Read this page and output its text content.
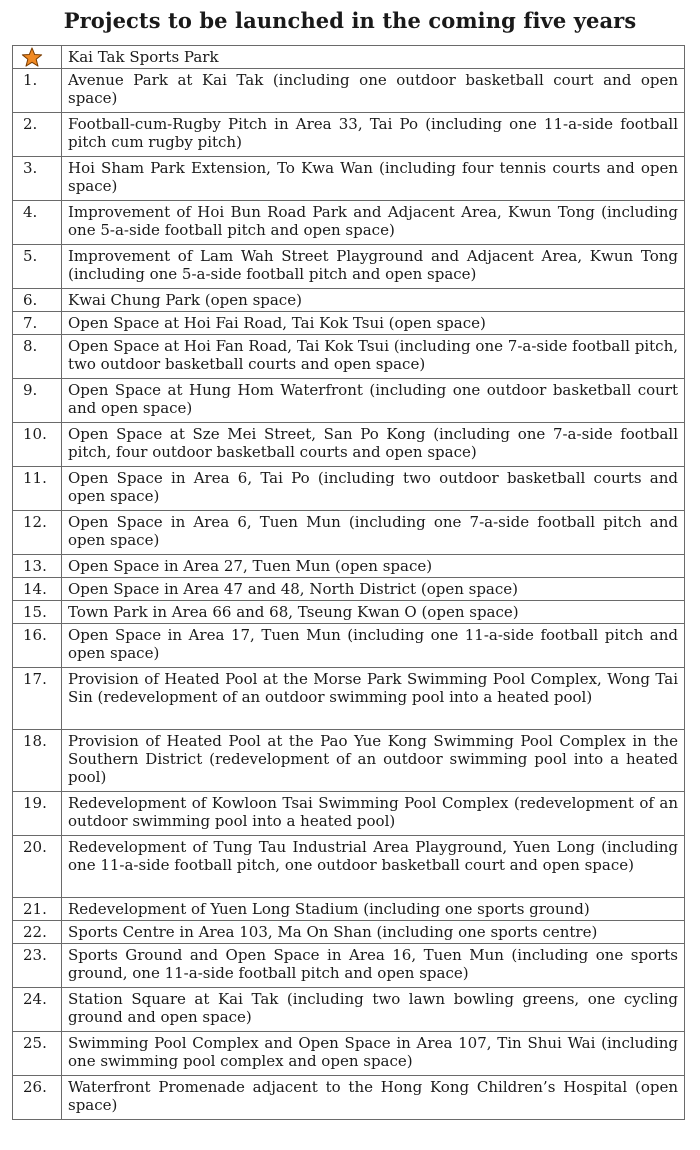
Projects to be launched in the coming five years
	Kai Tak Sports Park
1.	Avenue Park at Kai Tak (including one outdoor basketball court and open space)
2.	Football-cum-Rugby Pitch in Area 33, Tai Po (including one 11-a-side football pitch cum rugby pitch)
3.	Hoi Sham Park Extension, To Kwa Wan (including four tennis courts and open space)
4.	Improvement of Hoi Bun Road Park and Adjacent Area, Kwun Tong (including one 5-a-side football pitch and open space)
5.	Improvement of Lam Wah Street Playground and Adjacent Area, Kwun Tong (including one 5-a-side football pitch and open space)
6.	Kwai Chung Park (open space)
7.	Open Space at Hoi Fai Road, Tai Kok Tsui (open space)
8.	Open Space at Hoi Fan Road, Tai Kok Tsui (including one 7-a-side football pitch, two outdoor basketball courts and open space)
9.	Open Space at Hung Hom Waterfront (including one outdoor basketball court and open space)
10.	Open Space at Sze Mei Street, San Po Kong (including one 7-a-side football pitch, four outdoor basketball courts and open space)
11.	Open Space in Area 6, Tai Po (including two outdoor basketball courts and open space)
12.	Open Space in Area 6, Tuen Mun (including one 7-a-side football pitch and open space)
13.	Open Space in Area 27, Tuen Mun (open space)
14.	Open Space in Area 47 and 48, North District (open space)
15.	Town Park in Area 66 and 68, Tseung Kwan O (open space)
16.	Open Space in Area 17, Tuen Mun (including one 11-a-side football pitch and open space)
17.	Provision of Heated Pool at the Morse Park Swimming Pool Complex, Wong Tai Sin (redevelopment of an outdoor swimming pool into a heated pool)
18.	Provision of Heated Pool at the Pao Yue Kong Swimming Pool Complex in the Southern District (redevelopment of an outdoor swimming pool into a heated pool)
19.	Redevelopment of Kowloon Tsai Swimming Pool Complex (redevelopment of an outdoor swimming pool into a heated pool)
20.	Redevelopment of Tung Tau Industrial Area Playground, Yuen Long (including one 11-a-side football pitch, one outdoor basketball court and open space)
21.	Redevelopment of Yuen Long Stadium (including one sports ground)
22.	Sports Centre in Area 103, Ma On Shan (including one sports centre)
23.	Sports Ground and Open Space in Area 16, Tuen Mun (including one sports ground, one 11-a-side football pitch and open space)
24.	Station Square at Kai Tak (including two lawn bowling greens, one cycling ground and open space)
25.	Swimming Pool Complex and Open Space in Area 107, Tin Shui Wai (including one swimming pool complex and open space)
26.	Waterfront Promenade adjacent to the Hong Kong Children’s Hospital (open space)
